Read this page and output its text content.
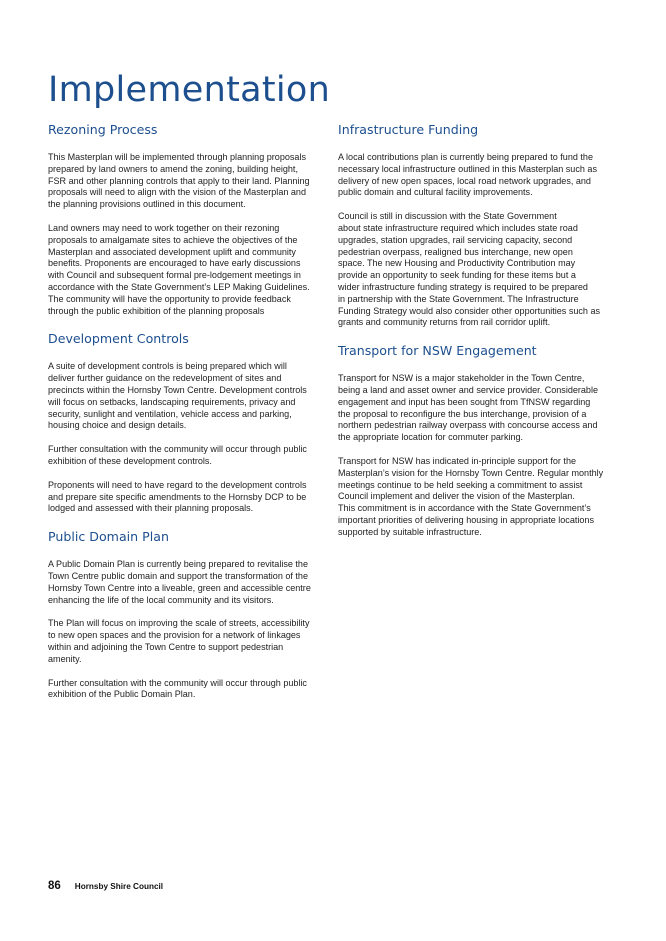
Implementation
Rezoning Process

This Masterplan will be implemented through planning proposals
prepared by land owners to amend the zoning, building height,
FSR and other planning controls that apply to their land. Planning
proposals will need to align with the vision of the Masterplan and
the planning provisions outlined in this document.

Land owners may need to work together on their rezoning
proposals to amalgamate sites to achieve the objectives of the
Masterplan and associated development uplift and community
benefits. Proponents are encouraged to have early discussions
with Council and subsequent formal pre-lodgement meetings in
accordance with the State Government’s LEP Making Guidelines.
The community will have the opportunity to provide feedback
through the public exhibition of the planning proposals

Development Controls

A suite of development controls is being prepared which will
deliver further guidance on the redevelopment of sites and
precincts within the Hornsby Town Centre. Development controls
will focus on setbacks, landscaping requirements, privacy and
security, sunlight and ventilation, vehicle access and parking,
housing choice and design details.

Further consultation with the community will occur through public
exhibition of these development controls.

Proponents will need to have regard to the development controls
and prepare site specific amendments to the Hornsby DCP to be
lodged and assessed with their planning proposals.

Public Domain Plan

A Public Domain Plan is currently being prepared to revitalise the
Town Centre public domain and support the transformation of the
Hornsby Town Centre into a liveable, green and accessible centre
enhancing the life of the local community and its visitors.

The Plan will focus on improving the scale of streets, accessibility
to new open spaces and the provision for a network of linkages
within and adjoining the Town Centre to support pedestrian
amenity.

Further consultation with the community will occur through public
exhibition of the Public Domain Plan.

Infrastructure Funding

A local contributions plan is currently being prepared to fund the
necessary local infrastructure outlined in this Masterplan such as
delivery of new open spaces, local road network upgrades, and
public domain and cultural facility improvements.

Council is still in discussion with the State Government
about state infrastructure required which includes state road
upgrades, station upgrades, rail servicing capacity, second
pedestrian overpass, realigned bus interchange, new open
space. The new Housing and Productivity Contribution may
provide an opportunity to seek funding for these items but a
wider infrastructure funding strategy is required to be prepared
in partnership with the State Government. The Infrastructure
Funding Strategy would also consider other opportunities such as
grants and community returns from rail corridor uplift.

Transport for NSW Engagement

Transport for NSW is a major stakeholder in the Town Centre,
being a land and asset owner and service provider. Considerable
engagement and input has been sought from TfNSW regarding
the proposal to reconfigure the bus interchange, provision of a
northern pedestrian railway overpass with concourse access and
the appropriate location for commuter parking.

Transport for NSW has indicated in-principle support for the
Masterplan’s vision for the Hornsby Town Centre. Regular monthly
meetings continue to be held seeking a commitment to assist
Council implement and deliver the vision of the Masterplan.
This commitment is in accordance with the State Government’s
important priorities of delivering housing in appropriate locations
supported by suitable infrastructure.

86 Hornsby Shire Council
